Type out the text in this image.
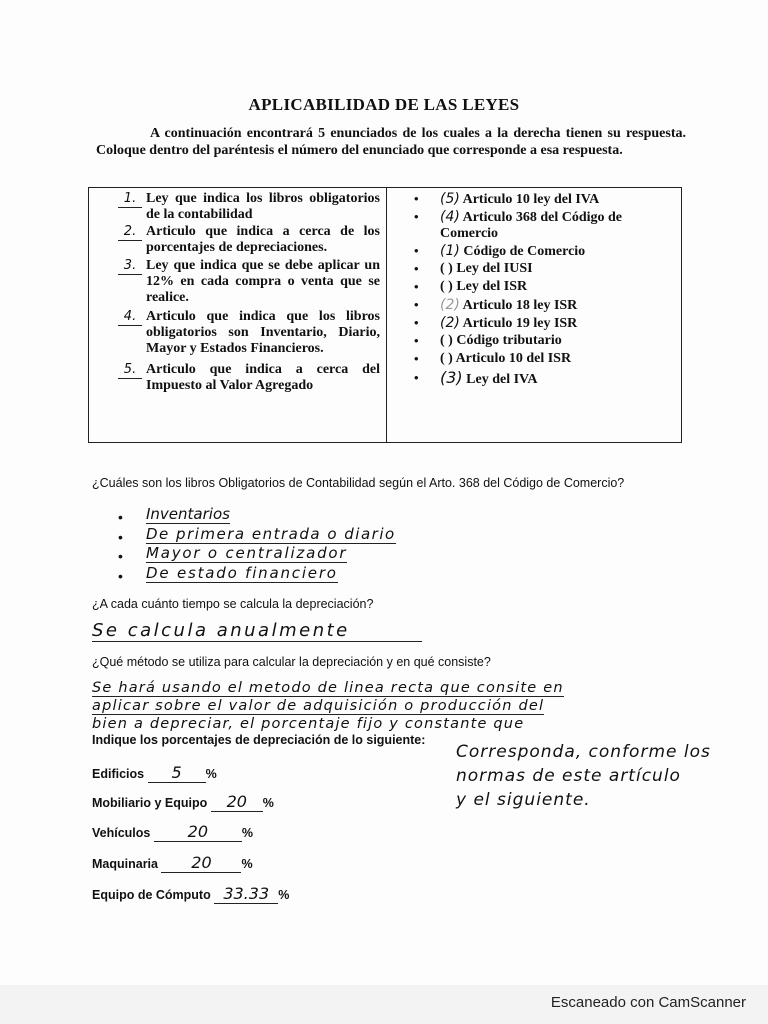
APLICABILIDAD DE LAS LEYES

A continuación encontrará 5 enunciados de los cuales a la derecha tienen su respuesta. Coloque dentro del paréntesis el número del enunciado que corresponde a esa respuesta.

1. Ley que indica los libros obligatorios de la contabilidad
2. Articulo que indica a cerca de los porcentajes de depreciaciones.
3. Ley que indica que se debe aplicar un 12% en cada compra o venta que se realice.
4. Articulo que indica que los libros obligatorios son Inventario, Diario, Mayor y Estados Financieros.
5. Articulo que indica a cerca del Impuesto al Valor Agregado
• (5) Articulo 10 ley del IVA
• (4) Articulo 368 del Código de Comercio
• (1) Código de Comercio
• ( ) Ley del IUSI
• ( ) Ley del ISR
• (2) Articulo 18 ley ISR
• (2) Articulo 19 ley ISR
• ( ) Código tributario
• ( ) Articulo 10 del ISR
• (3) Ley del IVA
¿Cuáles son los libros Obligatorios de Contabilidad según el Arto. 368 del Código de Comercio?
• Inventarios
• De primera entrada o diario
• Mayor o centralizador
• De estado financiero
¿A cada cuánto tiempo se calcula la depreciación?
Se calcula anualmente
¿Qué método se utiliza para calcular la depreciación y en qué consiste?
Se hará usando el metodo de linea recta que consite en
aplicar sobre el valor de adquisición o producción del
bien a depreciar, el porcentaje fijo y constante que
Corresponda, conforme los
normas de este artículo
y el siguiente.
Indique los porcentajes de depreciación de lo siguiente:
Edificios 5 %
Mobiliario y Equipo 20 %
Vehículos 20	%
Maquinaria 20 %
Equipo de Cómputo 33.33 %
Escaneado con CamScanner
